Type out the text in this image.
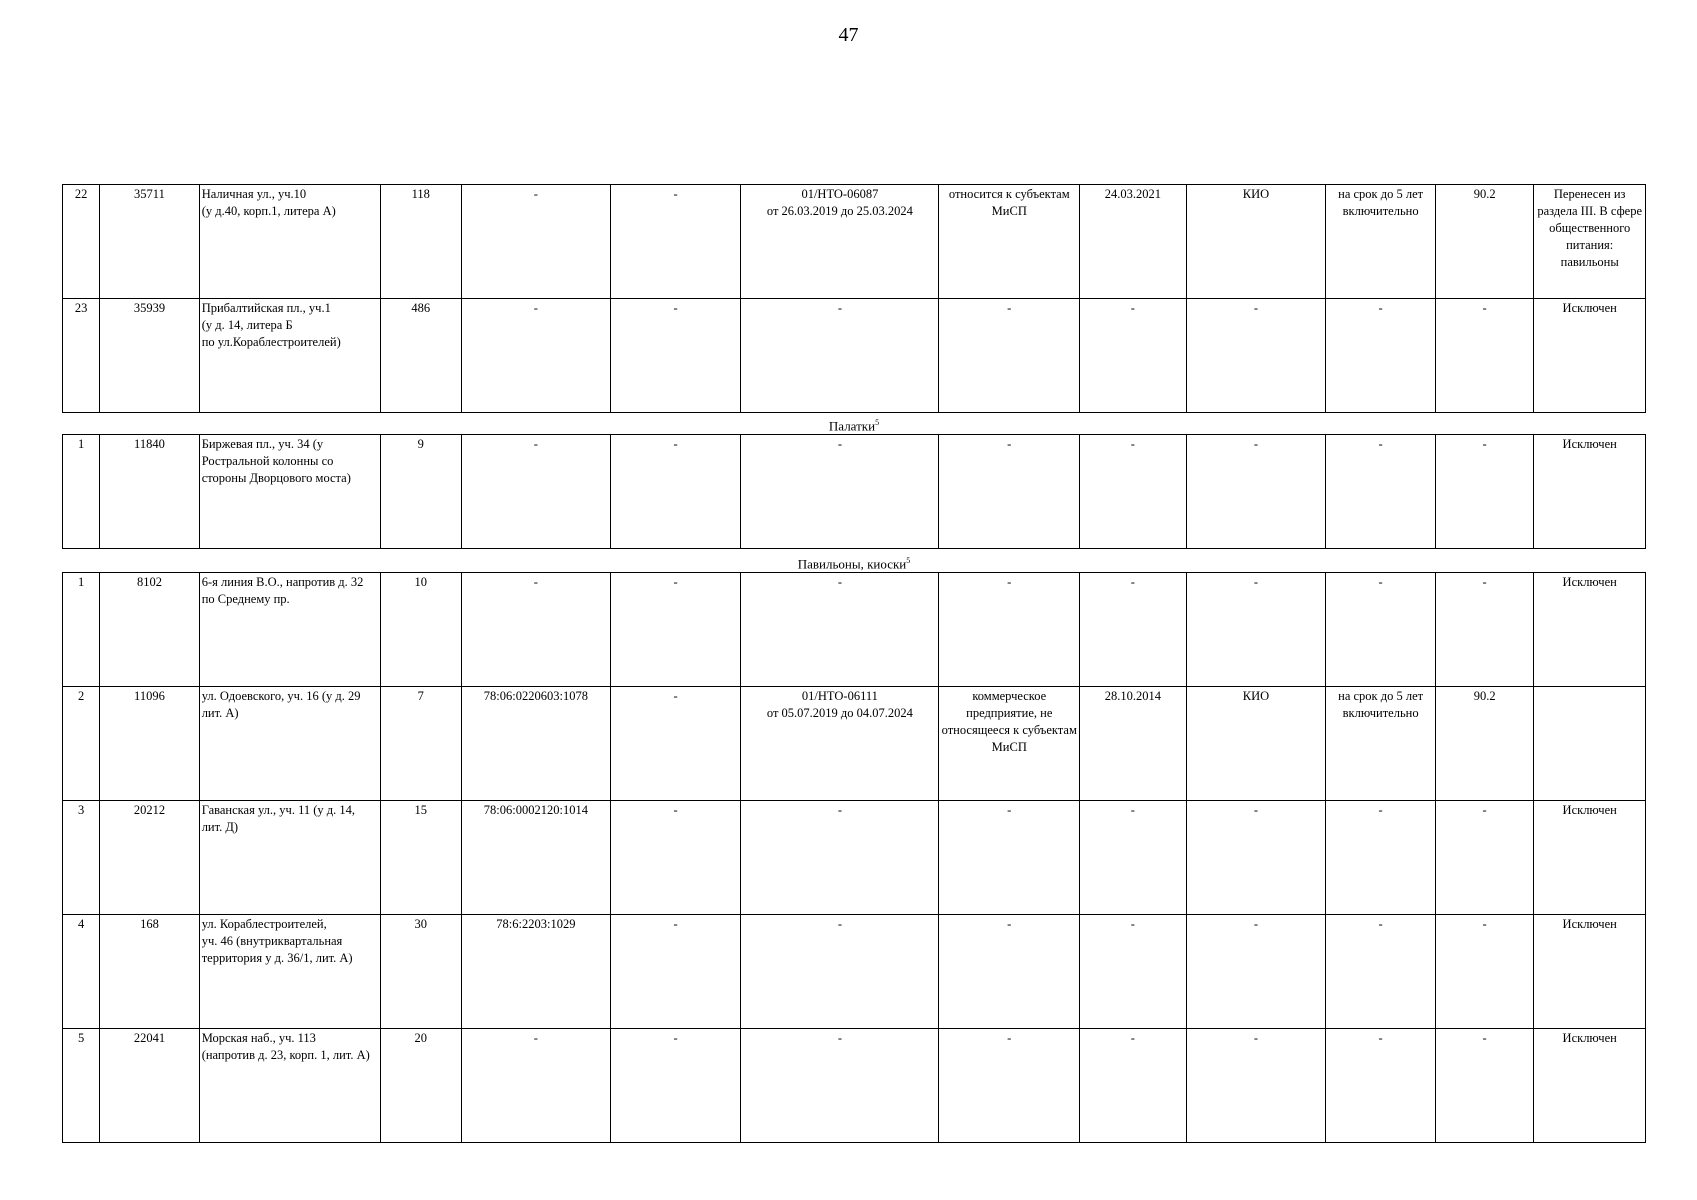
47
22	35711	Наличная ул., уч.10
(у д.40, корп.1, литера А)	118	-	-	01/НТО-06087
от 26.03.2019 до 25.03.2024	относится к субъектам МиСП	24.03.2021	КИО	на срок до 5 лет включительно	90.2	Перенесен из раздела III. В сфере общественного питания: павильоны
23	35939	Прибалтийская пл., уч.1
(у д. 14, литера Б
по ул.Кораблестроителей)	486	-	-	-	-	-	-	-	-	Исключен
Палатки$^5$
1	11840	Биржевая пл., уч. 34 (у Ростральной колонны со стороны Дворцового моста)	9	-	-	-	-	-	-	-	-	Исключен
Павильоны, киоски$^5$
1	8102	6-я линия В.О., напротив д. 32 по Среднему пр.	10	-	-	-	-	-	-	-	-	Исключен
2	11096	ул. Одоевского, уч. 16 (у д. 29 лит. А)	7	78:06:0220603:1078	-	01/НТО-06111
от 05.07.2019 до 04.07.2024	коммерческое предприятие, не относящееся к субъектам МиСП	28.10.2014	КИО	на срок до 5 лет включительно	90.2	
3	20212	Гаванская ул., уч. 11 (у д. 14, лит. Д)	15	78:06:0002120:1014	-	-	-	-	-	-	-	Исключен
4	168	ул. Кораблестроителей,
уч. 46 (внутриквартальная территория у д. 36/1, лит. А)	30	78:6:2203:1029	-	-	-	-	-	-	-	Исключен
5	22041	Морская наб., уч. 113
(напротив д. 23, корп. 1, лит. А)	20	-	-	-	-	-	-	-	-	Исключен
